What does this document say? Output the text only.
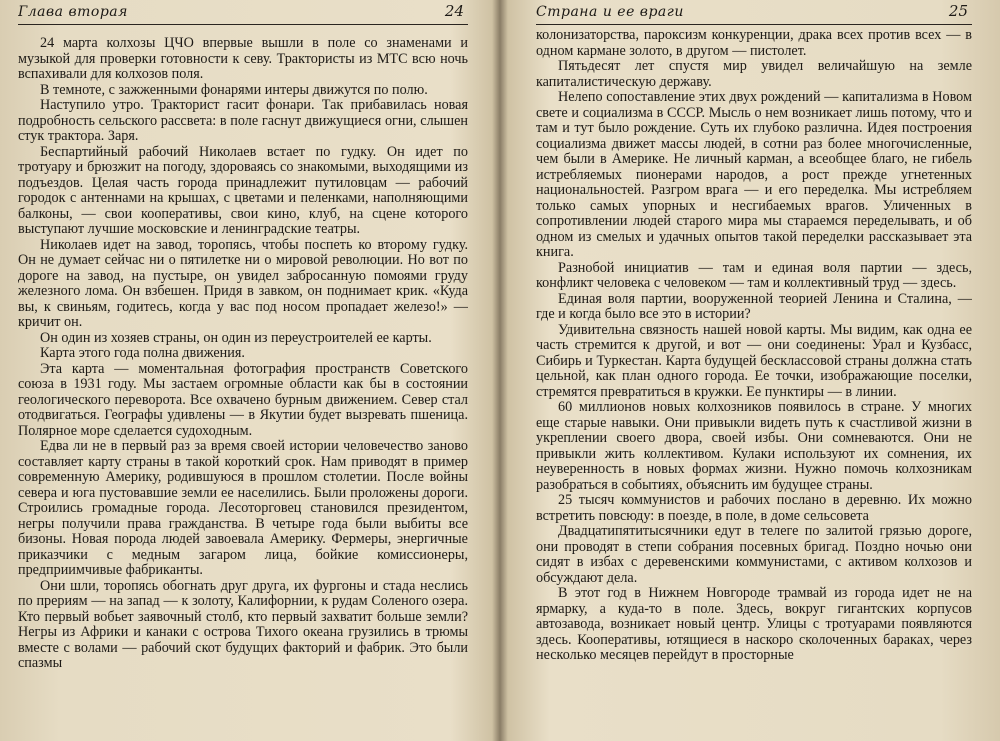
Глава вторая	24

24 марта колхозы ЦЧО впервые вышли в поле со знаменами и музыкой для проверки готовности к севу. Трактористы из МТС всю ночь вспахивали для колхозов поля.

В темноте, с зажженными фонарями интеры движутся по полю.

Наступило утро. Тракторист гасит фонари. Так прибавилась новая подробность сельского рассвета: в поле гаснут движущиеся огни, слышен стук трактора. Заря.

Беспартийный рабочий Николаев встает по гудку. Он идет по тротуару и брюзжит на погоду, здороваясь со знакомыми, выходящими из подъездов. Целая часть города принадлежит путиловцам — рабочий городок с антеннами на крышах, с цветами и пеленками, наполняющими балконы, — свои кооперативы, свои кино, клуб, на сцене которого выступают лучшие московские и ленинградские театры.

Николаев идет на завод, торопясь, чтобы поспеть ко второму гудку. Он не думает сейчас ни о пятилетке ни о мировой революции. Но вот по дороге на завод, на пустыре, он увидел забросанную помоями груду железного лома. Он взбешен. Придя в завком, он поднимает крик. «Куда вы, к свиньям, годитесь, когда у вас под носом пропадает железо!» — кричит он.

Он один из хозяев страны, он один из переустроителей ее карты.

Карта этого года полна движения.

Эта карта — моментальная фотография пространств Советского союза в 1931 году. Мы застаем огромные области как бы в состоянии геологического переворота. Все охвачено бурным движением. Север стал отодвигаться. Географы удивлены — в Якутии будет вызревать пшеница. Полярное море сделается судоходным.

Едва ли не в первый раз за время своей истории человечество заново составляет карту страны в такой короткий срок. Нам приводят в пример современную Америку, родившуюся в прошлом столетии. После войны севера и юга пустовавшие земли ее населились. Были проложены дороги. Строились громадные города. Лесоторговец становился президентом, негры получили права гражданства. В четыре года были выбиты все бизоны. Новая порода людей завоевала Америку. Фермеры, энергичные приказчики с медным загаром лица, бойкие комиссионеры, предприимчивые фабриканты.

Они шли, торопясь обогнать друг друга, их фургоны и стада неслись по прериям — на запад — к золоту, Калифорнии, к рудам Соленого озера. Кто первый вобьет заявочный столб, кто первый захватит больше земли? Негры из Африки и канаки с острова Тихого океана грузились в трюмы вместе с волами — рабочий скот будущих факторий и фабрик. Это были спазмы

Страна и ее враги	25

колонизаторства, пароксизм конкуренции, драка всех против всех — в одном кармане золото, в другом — пистолет.

Пятьдесят лет спустя мир увидел величайшую на земле капиталистическую державу.

Нелепо сопоставление этих двух рождений — капитализма в Новом свете и социализма в СССР. Мысль о нем возникает лишь потому, что и там и тут было рождение. Суть их глубоко различна. Идея построения социализма движет массы людей, в сотни раз более многочисленные, чем были в Америке. Не личный карман, а всеобщее благо, не гибель истребляемых пионерами народов, а рост прежде угнетенных национальностей. Разгром врага — и его переделка. Мы истребляем только самых упорных и несгибаемых врагов. Уличенных в сопротивлении людей старого мира мы стараемся переделывать, и об одном из смелых и удачных опытов такой переделки рассказывает эта книга.

Разнобой инициатив — там и единая воля партии — здесь, конфликт человека с человеком — там и коллективный труд — здесь.

Единая воля партии, вооруженной теорией Ленина и Сталина, — где и когда было все это в истории?

Удивительна связность нашей новой карты. Мы видим, как одна ее часть стремится к другой, и вот — они соединены: Урал и Кузбасс, Сибирь и Туркестан. Карта будущей бесклассовой страны должна стать цельной, как план одного города. Ее точки, изображающие поселки, стремятся превратиться в кружки. Ее пунктиры — в линии.

60 миллионов новых колхозников появилось в стране. У многих еще старые навыки. Они привыкли видеть путь к счастливой жизни в укреплении своего двора, своей избы. Они сомневаются. Они не привыкли жить коллективом. Кулаки используют их сомнения, их неуверенность в новых формах жизни. Нужно помочь колхозникам разобраться в событиях, объяснить им будущее страны.

25 тысяч коммунистов и рабочих послано в деревню. Их можно встретить повсюду: в поезде, в поле, в доме сельсовета

Двадцатипятитысячники едут в телеге по залитой грязью дороге, они проводят в степи собрания посевных бригад. Поздно ночью они сидят в избах с деревенскими коммунистами, с активом колхозов и обсуждают дела.

В этот год в Нижнем Новгороде трамвай из города идет не на ярмарку, а куда-то в поле. Здесь, вокруг гигантских корпусов автозавода, возникает новый центр. Улицы с тротуарами появляются здесь. Кооперативы, ютящиеся в наскоро сколоченных бараках, через несколько месяцев перейдут в просторные
